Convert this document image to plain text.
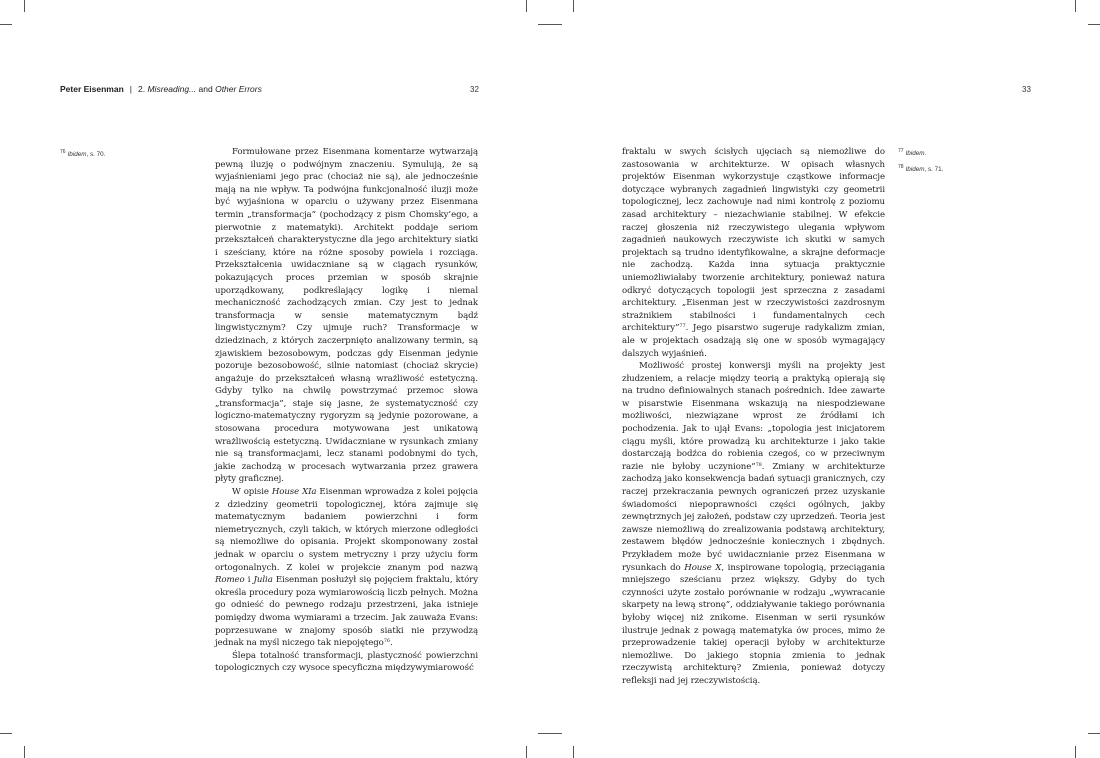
Peter Eisenman | 2. Misreading... and Other Errors	32	33
$^{76}$ Ibidem, s. 70.	$^{77}$ Ibidem.
$^{78}$ Ibidem, s. 71.

Formułowane przez Eisenmana komentarze wytwarzają pewną iluzję o podwójnym znaczeniu. Symulują, że są wyjaśnieniami jego prac (chociaż nie są), ale jednocześnie mają na nie wpływ. Ta podwójna funkcjonalność iluzji może być wyjaśniona w oparciu o używany przez Eisenmana termin „transformacja” (pochodzący z pism Chomsky’ego, a pierwotnie z matematyki). Architekt poddaje seriom przekształceń charakterystyczne dla jego architektury siatki i sześciany, które na różne sposoby powiela i rozciąga. Przekształcenia uwidaczniane są w ciągach rysunków, pokazujących proces przemian w sposób skrajnie uporządkowany, podkreślający logikę i niemal mechaniczność zachodzących zmian. Czy jest to jednak transformacja w sensie matematycznym bądź lingwistycznym? Czy ujmuje ruch? Transformacje w dziedzinach, z których zaczerpnięto analizowany termin, są zjawiskiem bezosobowym, podczas gdy Eisenman jedynie pozoruje bezosobowość, silnie natomiast (chociaż skrycie) angażuje do przekształceń własną wrażliwość estetyczną. Gdyby tylko na chwilę powstrzymać przemoc słowa „transformacja”, staje się jasne, że systematyczność czy logiczno-matematyczny rygoryzm są jedynie pozorowane, a stosowana procedura motywowana jest unikatową wrażliwością estetyczną. Uwidaczniane w rysunkach zmiany nie są transformacjami, lecz stanami podobnymi do tych, jakie zachodzą w procesach wytwarzania przez grawera płyty graficznej.

W opisie House XIa Eisenman wprowadza z kolei pojęcia z dziedziny geometrii topologicznej, która zajmuje się matematycznym badaniem powierzchni i form niemetrycznych, czyli takich, w których mierzone odległości są niemożliwe do opisania. Projekt skomponowany został jednak w oparciu o system metryczny i przy użyciu form ortogonalnych. Z kolei w projekcie znanym pod nazwą Romeo i Julia Eisenman posłużył się pojęciem fraktalu, który określa procedury poza wymiarowością liczb pełnych. Można go odnieść do pewnego rodzaju przestrzeni, jaka istnieje pomiędzy dwoma wymiarami a trzecim. Jak zauważa Evans: poprzesuwane w znajomy sposób siatki nie przywodzą jednak na myśl niczego tak niepojętego$^{76}$.

Ślepa totalność transformacji, plastyczność powierzchni topologicznych czy wysoce specyficzna międzywymiarowość

fraktalu w swych ścisłych ujęciach są niemożliwe do zastosowania w architekturze. W opisach własnych projektów Eisenman wykorzystuje cząstkowe informacje dotyczące wybranych zagadnień lingwistyki czy geometrii topologicznej, lecz zachowuje nad nimi kontrolę z poziomu zasad architektury – niezachwianie stabilnej. W efekcie raczej głoszenia niż rzeczywistego ulegania wpływom zagadnień naukowych rzeczywiste ich skutki w samych projektach są trudno identyfikowalne, a skrajne deformacje nie zachodzą. Każda inna sytuacja praktycznie uniemożliwiałaby tworzenie architektury, ponieważ natura odkryć dotyczących topologii jest sprzeczna z zasadami architektury. „Eisenman jest w rzeczywistości zazdrosnym strażnikiem stabilności i fundamentalnych cech architektury”$^{77}$. Jego pisarstwo sugeruje radykalizm zmian, ale w projektach osadzają się one w sposób wymagający dalszych wyjaśnień.

Możliwość prostej konwersji myśli na projekty jest złudzeniem, a relacje między teorią a praktyką opierają się na trudno definiowalnych stanach pośrednich. Idee zawarte w pisarstwie Eisenmana wskazują na niespodziewane możliwości, niezwiązane wprost ze źródłami ich pochodzenia. Jak to ujął Evans: „topologia jest inicjatorem ciągu myśli, które prowadzą ku architekturze i jako takie dostarczają bodźca do robienia czegoś, co w przeciwnym razie nie byłoby uczynione”$^{78}$. Zmiany w architekturze zachodzą jako konsekwencja badań sytuacji granicznych, czy raczej przekraczania pewnych ograniczeń przez uzyskanie świadomości niepoprawności części ogólnych, jakby zewnętrznych jej założeń, podstaw czy uprzedzeń. Teoria jest zawsze niemożliwą do zrealizowania podstawą architektury, zestawem błędów jednocześnie koniecznych i zbędnych. Przykładem może być uwidacznianie przez Eisenmana w rysunkach do House X, inspirowane topologią, przeciągania mniejszego sześcianu przez większy. Gdyby do tych czynności użyte zostało porównanie w rodzaju „wywracanie skarpety na lewą stronę”, oddziaływanie takiego porównania byłoby więcej niż znikome. Eisenman w serii rysunków ilustruje jednak z powagą matematyka ów proces, mimo że przeprowadzenie takiej operacji byłoby w architekturze niemożliwe. Do jakiego stopnia zmienia to jednak rzeczywistą architekturę? Zmienia, ponieważ dotyczy refleksji nad jej rzeczywistością.
